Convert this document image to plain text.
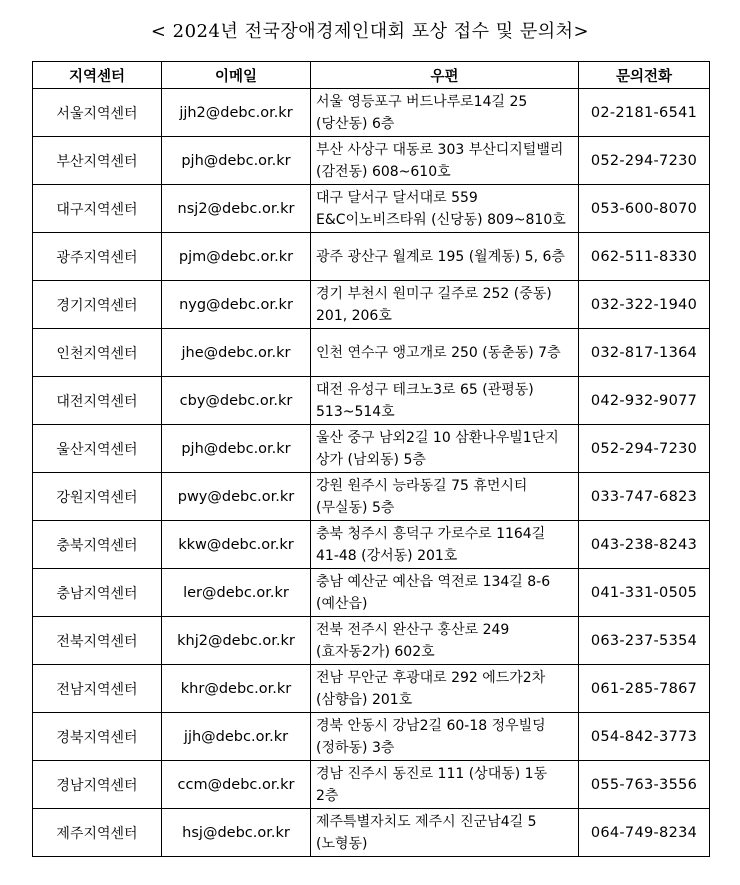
< 2024년 전국장애경제인대회 포상 접수 및 문의처>
지역센터	이메일	우편	문의전화
서울지역센터	jjh2@debc.or.kr	서울 영등포구 버드나루로14길 25
(당산동) 6층	02-2181-6541
부산지역센터	pjh@debc.or.kr	부산 사상구 대동로 303 부산디지털밸리
(감전동) 608~610호	052-294-7230
대구지역센터	nsj2@debc.or.kr	대구 달서구 달서대로 559
E&C이노비즈타워 (신당동) 809~810호	053-600-8070
광주지역센터	pjm@debc.or.kr	광주 광산구 월계로 195 (월계동) 5, 6층	062-511-8330
경기지역센터	nyg@debc.or.kr	경기 부천시 원미구 길주로 252 (중동)
201, 206호	032-322-1940
인천지역센터	jhe@debc.or.kr	인천 연수구 앵고개로 250 (동춘동) 7층	032-817-1364
대전지역센터	cby@debc.or.kr	대전 유성구 테크노3로 65 (관평동)
513~514호	042-932-9077
울산지역센터	pjh@debc.or.kr	울산 중구 남외2길 10 삼환나우빌1단지
상가 (남외동) 5층	052-294-7230
강원지역센터	pwy@debc.or.kr	강원 원주시 능라동길 75 휴먼시티
(무실동) 5층	033-747-6823
충북지역센터	kkw@debc.or.kr	충북 청주시 흥덕구 가로수로 1164길
41-48 (강서동) 201호	043-238-8243
충남지역센터	ler@debc.or.kr	충남 예산군 예산읍 역전로 134길 8-6
(예산읍)	041-331-0505
전북지역센터	khj2@debc.or.kr	전북 전주시 완산구 홍산로 249
(효자동2가) 602호	063-237-5354
전남지역센터	khr@debc.or.kr	전남 무안군 후광대로 292 에드가2차
(삼향읍) 201호	061-285-7867
경북지역센터	jjh@debc.or.kr	경북 안동시 강남2길 60-18 정우빌딩
(정하동) 3층	054-842-3773
경남지역센터	ccm@debc.or.kr	경남 진주시 동진로 111 (상대동) 1동
2층	055-763-3556
제주지역센터	hsj@debc.or.kr	제주특별자치도 제주시 진군남4길 5
(노형동)	064-749-8234
